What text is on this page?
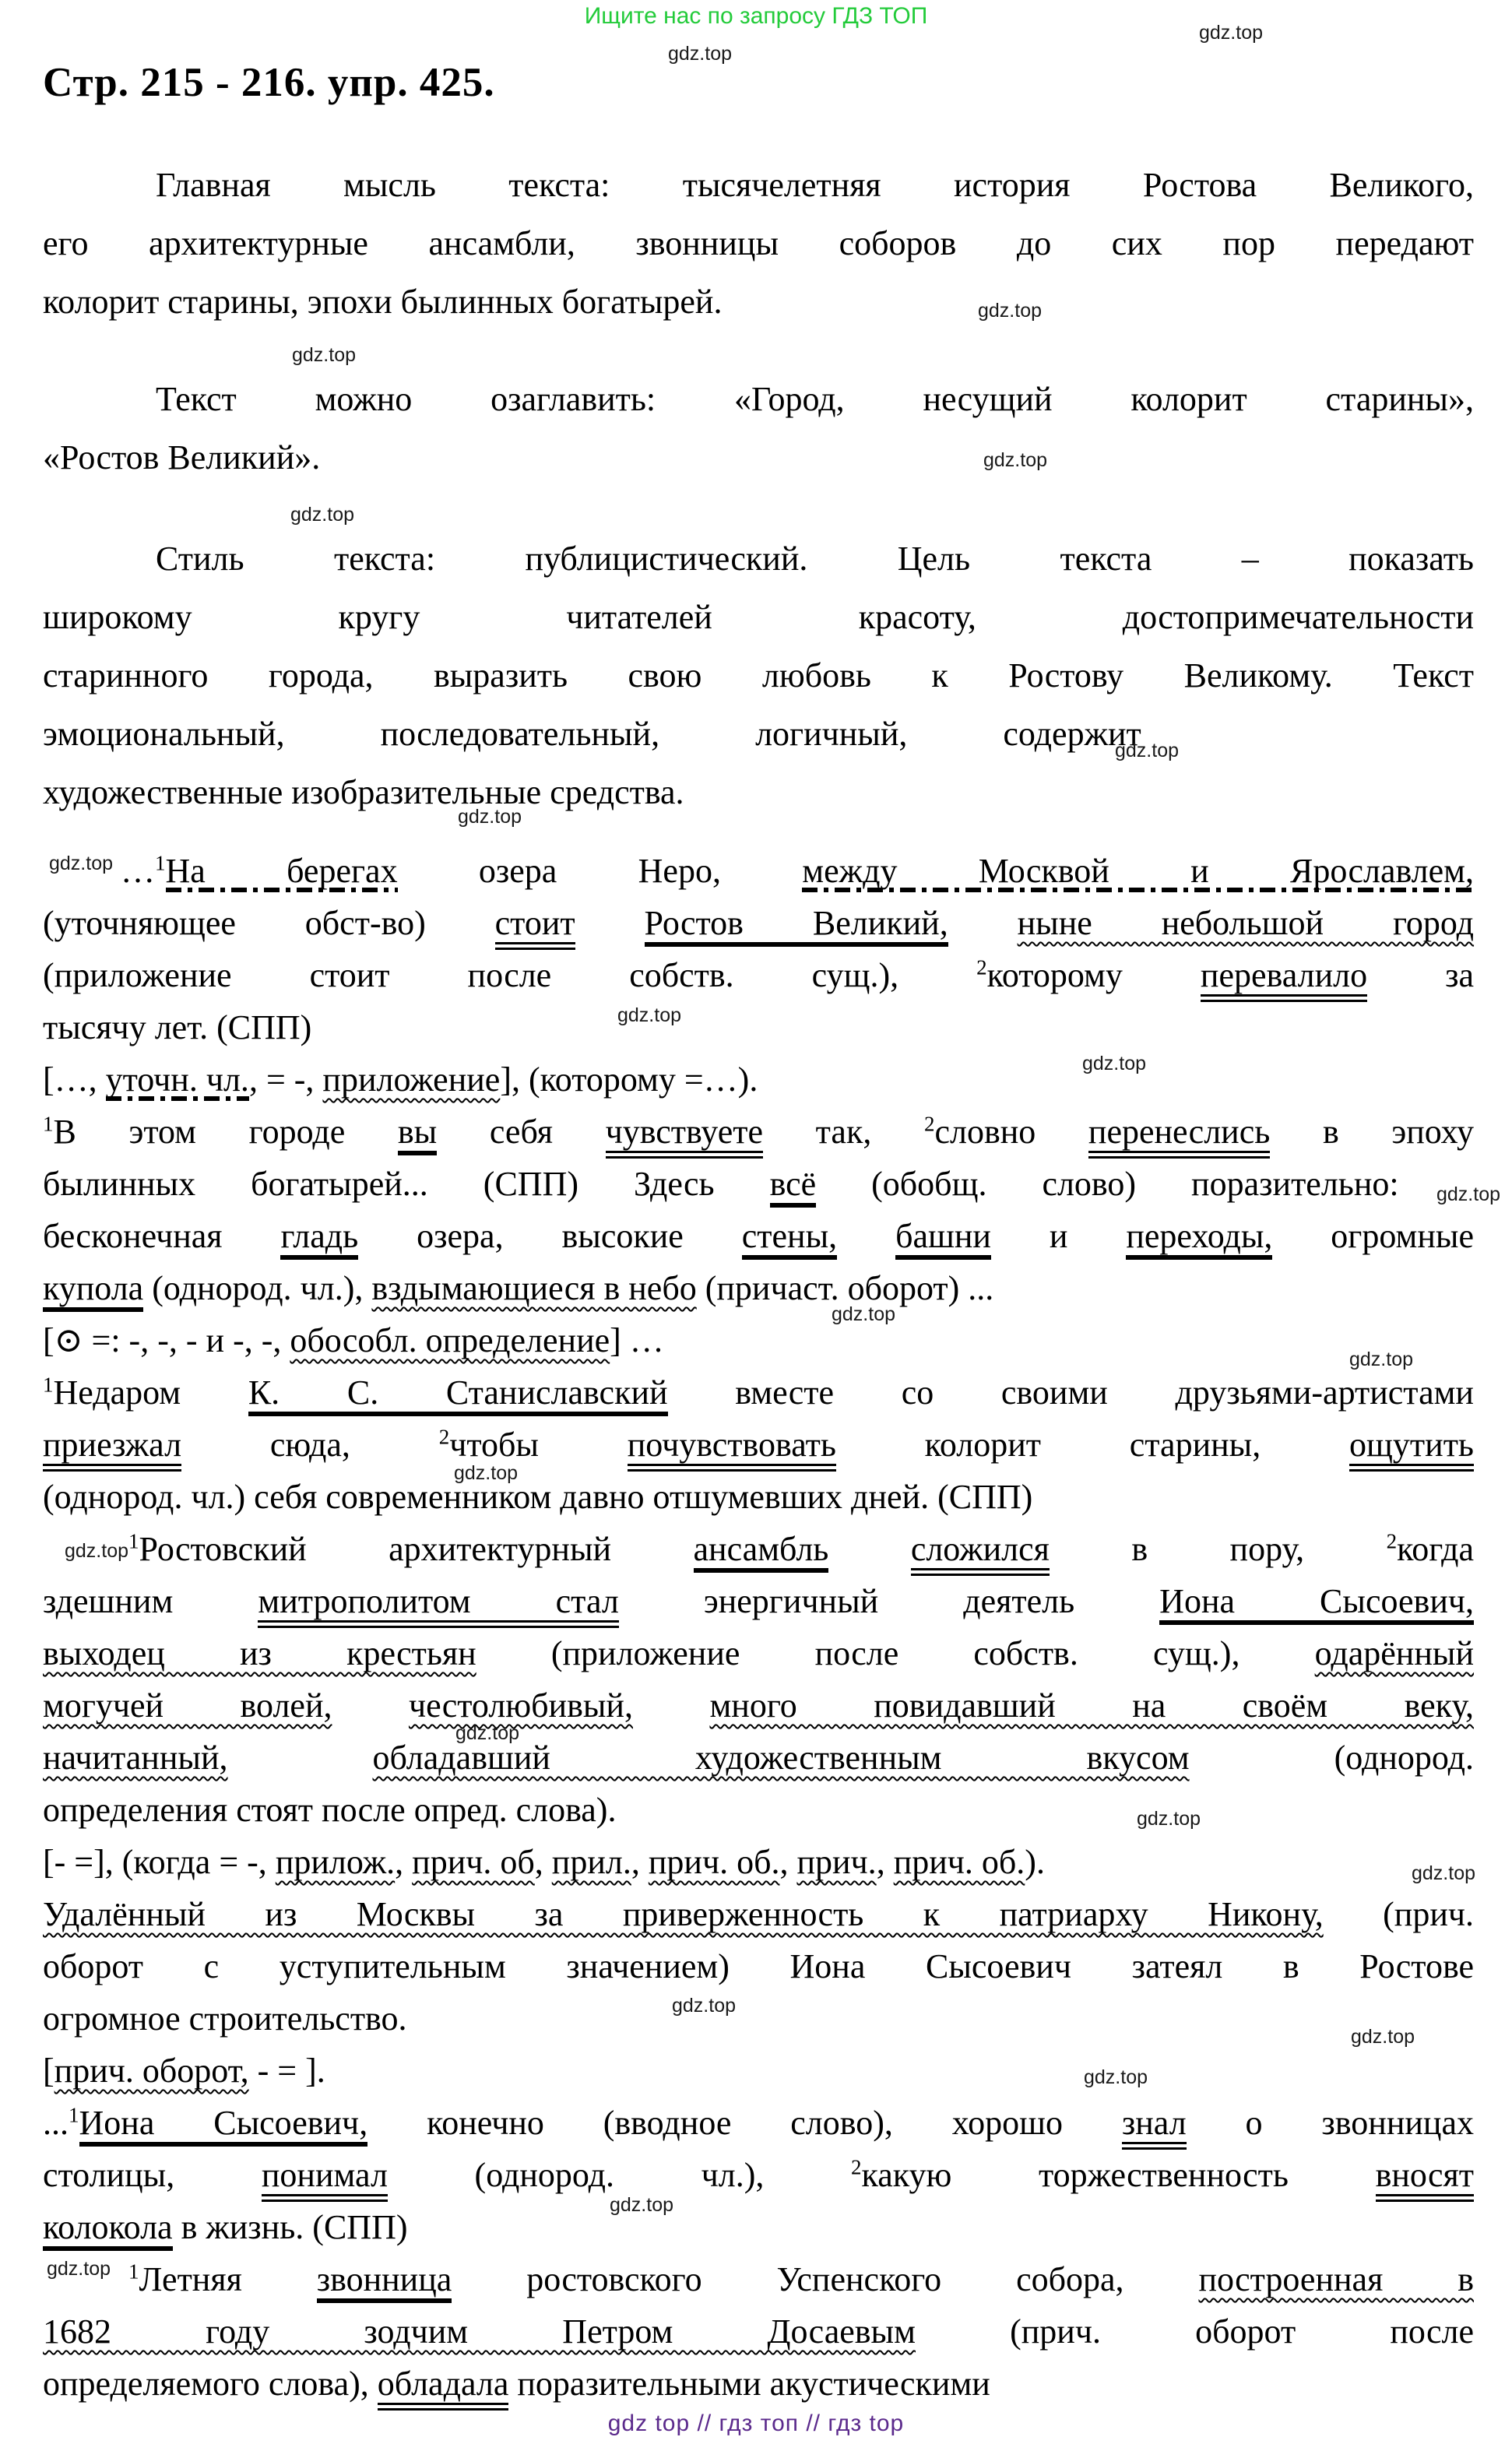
Ищите нас по запросу ГДЗ ТОП
Стр. 215 - 216. упр. 425.
Главная мысль текста: тысячелетняя история Ростова Великого,
его архитектурные ансамбли, звонницы соборов до сих пор передают
колорит старины, эпохи былинных богатырей.
Текст можно озаглавить: «Город, несущий колорит старины»,
«Ростов Великий».
Стиль текста: публицистический. Цель текста – показать
широкому кругу читателей красоту, достопримечательности
старинного города, выразить свою любовь к Ростову Великому. Текст
эмоциональный, последовательный, логичный, содержит
художественные изобразительные средства.
…$^1$На берегах озера Неро, между Москвой и Ярославлем,
(уточняющее обст-во) стоит Ростов Великий, ныне небольшой город
(приложение стоит после собств. сущ.), $^2$которому перевалило за
тысячу лет. (СПП)
[…, уточн. чл., = -, приложение], (которому =…).
$^1$В этом городе вы себя чувствуете так, $^2$словно перенеслись в эпоху
былинных богатырей... (СПП) Здесь всё (обобщ. слово) поразительно:
бесконечная гладь озера, высокие стены, башни и переходы, огромные
купола (однород. чл.), вздымающиеся в небо (причаст. оборот) ...
[⊙ =: -, -, - и -, -, обособл. определение] …
$^1$Недаром К. С. Станиславский вместе со своими друзьями-артистами
приезжал сюда, $^2$чтобы почувствовать колорит старины, ощутить
(однород. чл.) себя современником давно отшумевших дней. (СПП)
$^1$Ростовский архитектурный ансамбль сложился в пору, $^2$когда
здешним митрополитом стал энергичный деятель Иона Сысоевич,
выходец из крестьян (приложение после собств. сущ.), одарённый
могучей волей, честолюбивый, много повидавший на своём веку,
начитанный,	обладавший художественным вкусом (однород.
определения стоят после опред. слова).
[- =], (когда = -, прилож., прич. об, прил., прич. об., прич., прич. об.).
Удалённый из Москвы за приверженность к патриарху Никону, (прич.
оборот с уступительным значением) Иона Сысоевич затеял в Ростове
огромное строительство.
[прич. оборот, - = ].
...$^1$Иона Сысоевич, конечно (вводное слово), хорошо знал о звонницах
столицы, понимал (однород. чл.), $^2$какую торжественность вносят
колокола в жизнь. (СПП)
$^1$Летняя звонница ростовского Успенского собора, построенная в
1682 году зодчим Петром Досаевым (прич. оборот после
определяемого слова), обладала поразительными акустическими
gdz top // гдз топ // гдз top
gdz.top
gdz.top
gdz.top
gdz.top
gdz.top
gdz.top
gdz.top
gdz.top
gdz.top
gdz.top
gdz.top
gdz.top
gdz.top
gdz.top
gdz.top
gdz.top
gdz.top
gdz.top
gdz.top
gdz.top
gdz.top
gdz.top
gdz.top
gdz.top
